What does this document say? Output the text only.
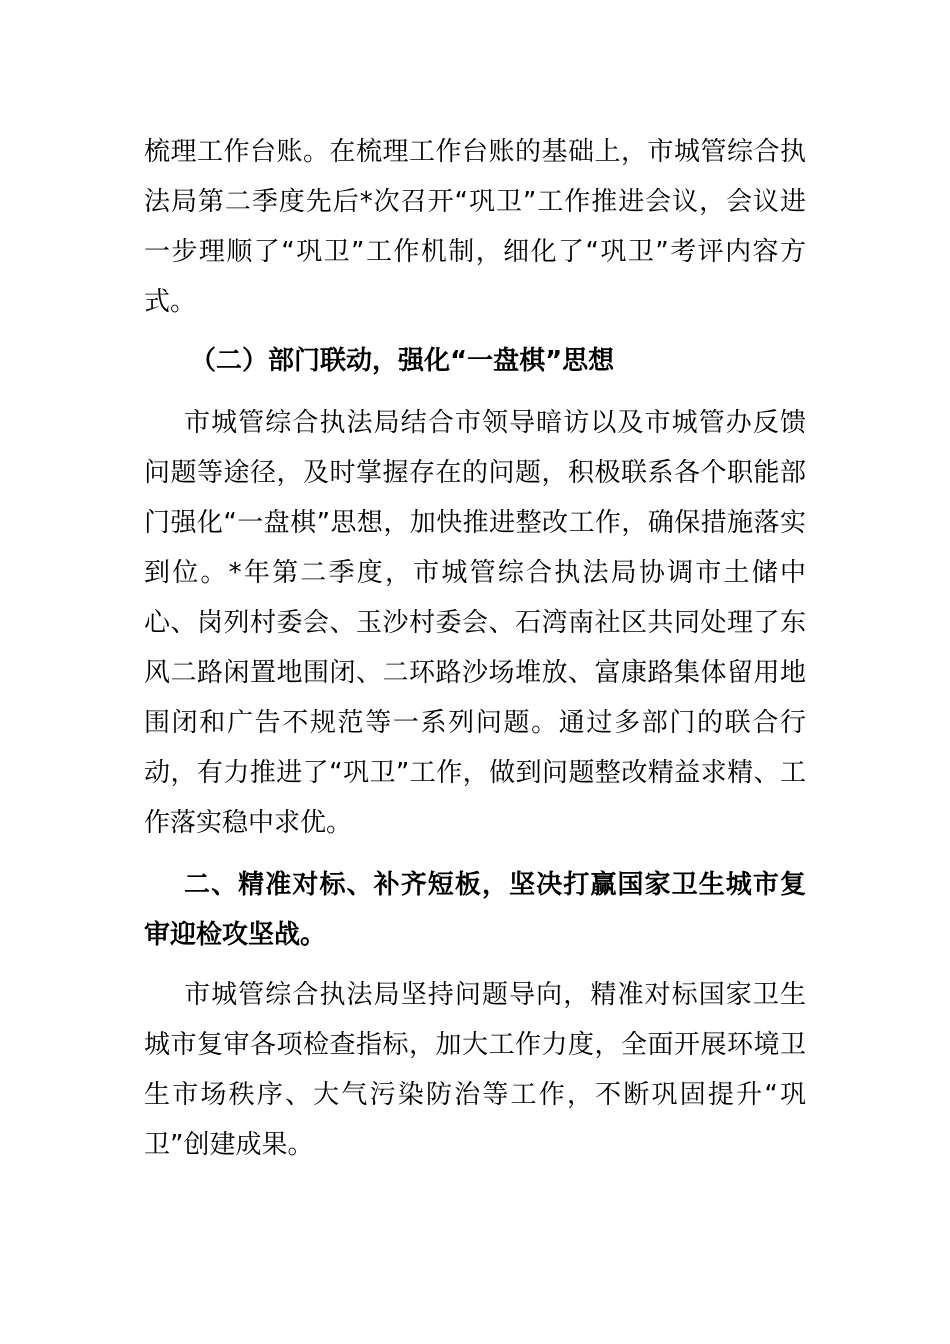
梳理工作台账。在梳理工作台账的基础上，市城管综合执法局第二季度先后*次召开“巩卫”工作推进会议，会议进一步理顺了“巩卫”工作机制，细化了“巩卫”考评内容方式。

（二）部门联动，强化“一盘棋”思想

市城管综合执法局结合市领导暗访以及市城管办反馈问题等途径，及时掌握存在的问题，积极联系各个职能部门强化“一盘棋”思想，加快推进整改工作，确保措施落实到位。*年第二季度，市城管综合执法局协调市土储中心、岗列村委会、玉沙村委会、石湾南社区共同处理了东风二路闲置地围闭、二环路沙场堆放、富康路集体留用地围闭和广告不规范等一系列问题。通过多部门的联合行动，有力推进了“巩卫”工作，做到问题整改精益求精、工作落实稳中求优。

二、精准对标、补齐短板，坚决打赢国家卫生城市复审迎检攻坚战。

市城管综合执法局坚持问题导向，精准对标国家卫生城市复审各项检查指标，加大工作力度，全面开展环境卫生市场秩序、大气污染防治等工作，不断巩固提升“巩卫”创建成果。
